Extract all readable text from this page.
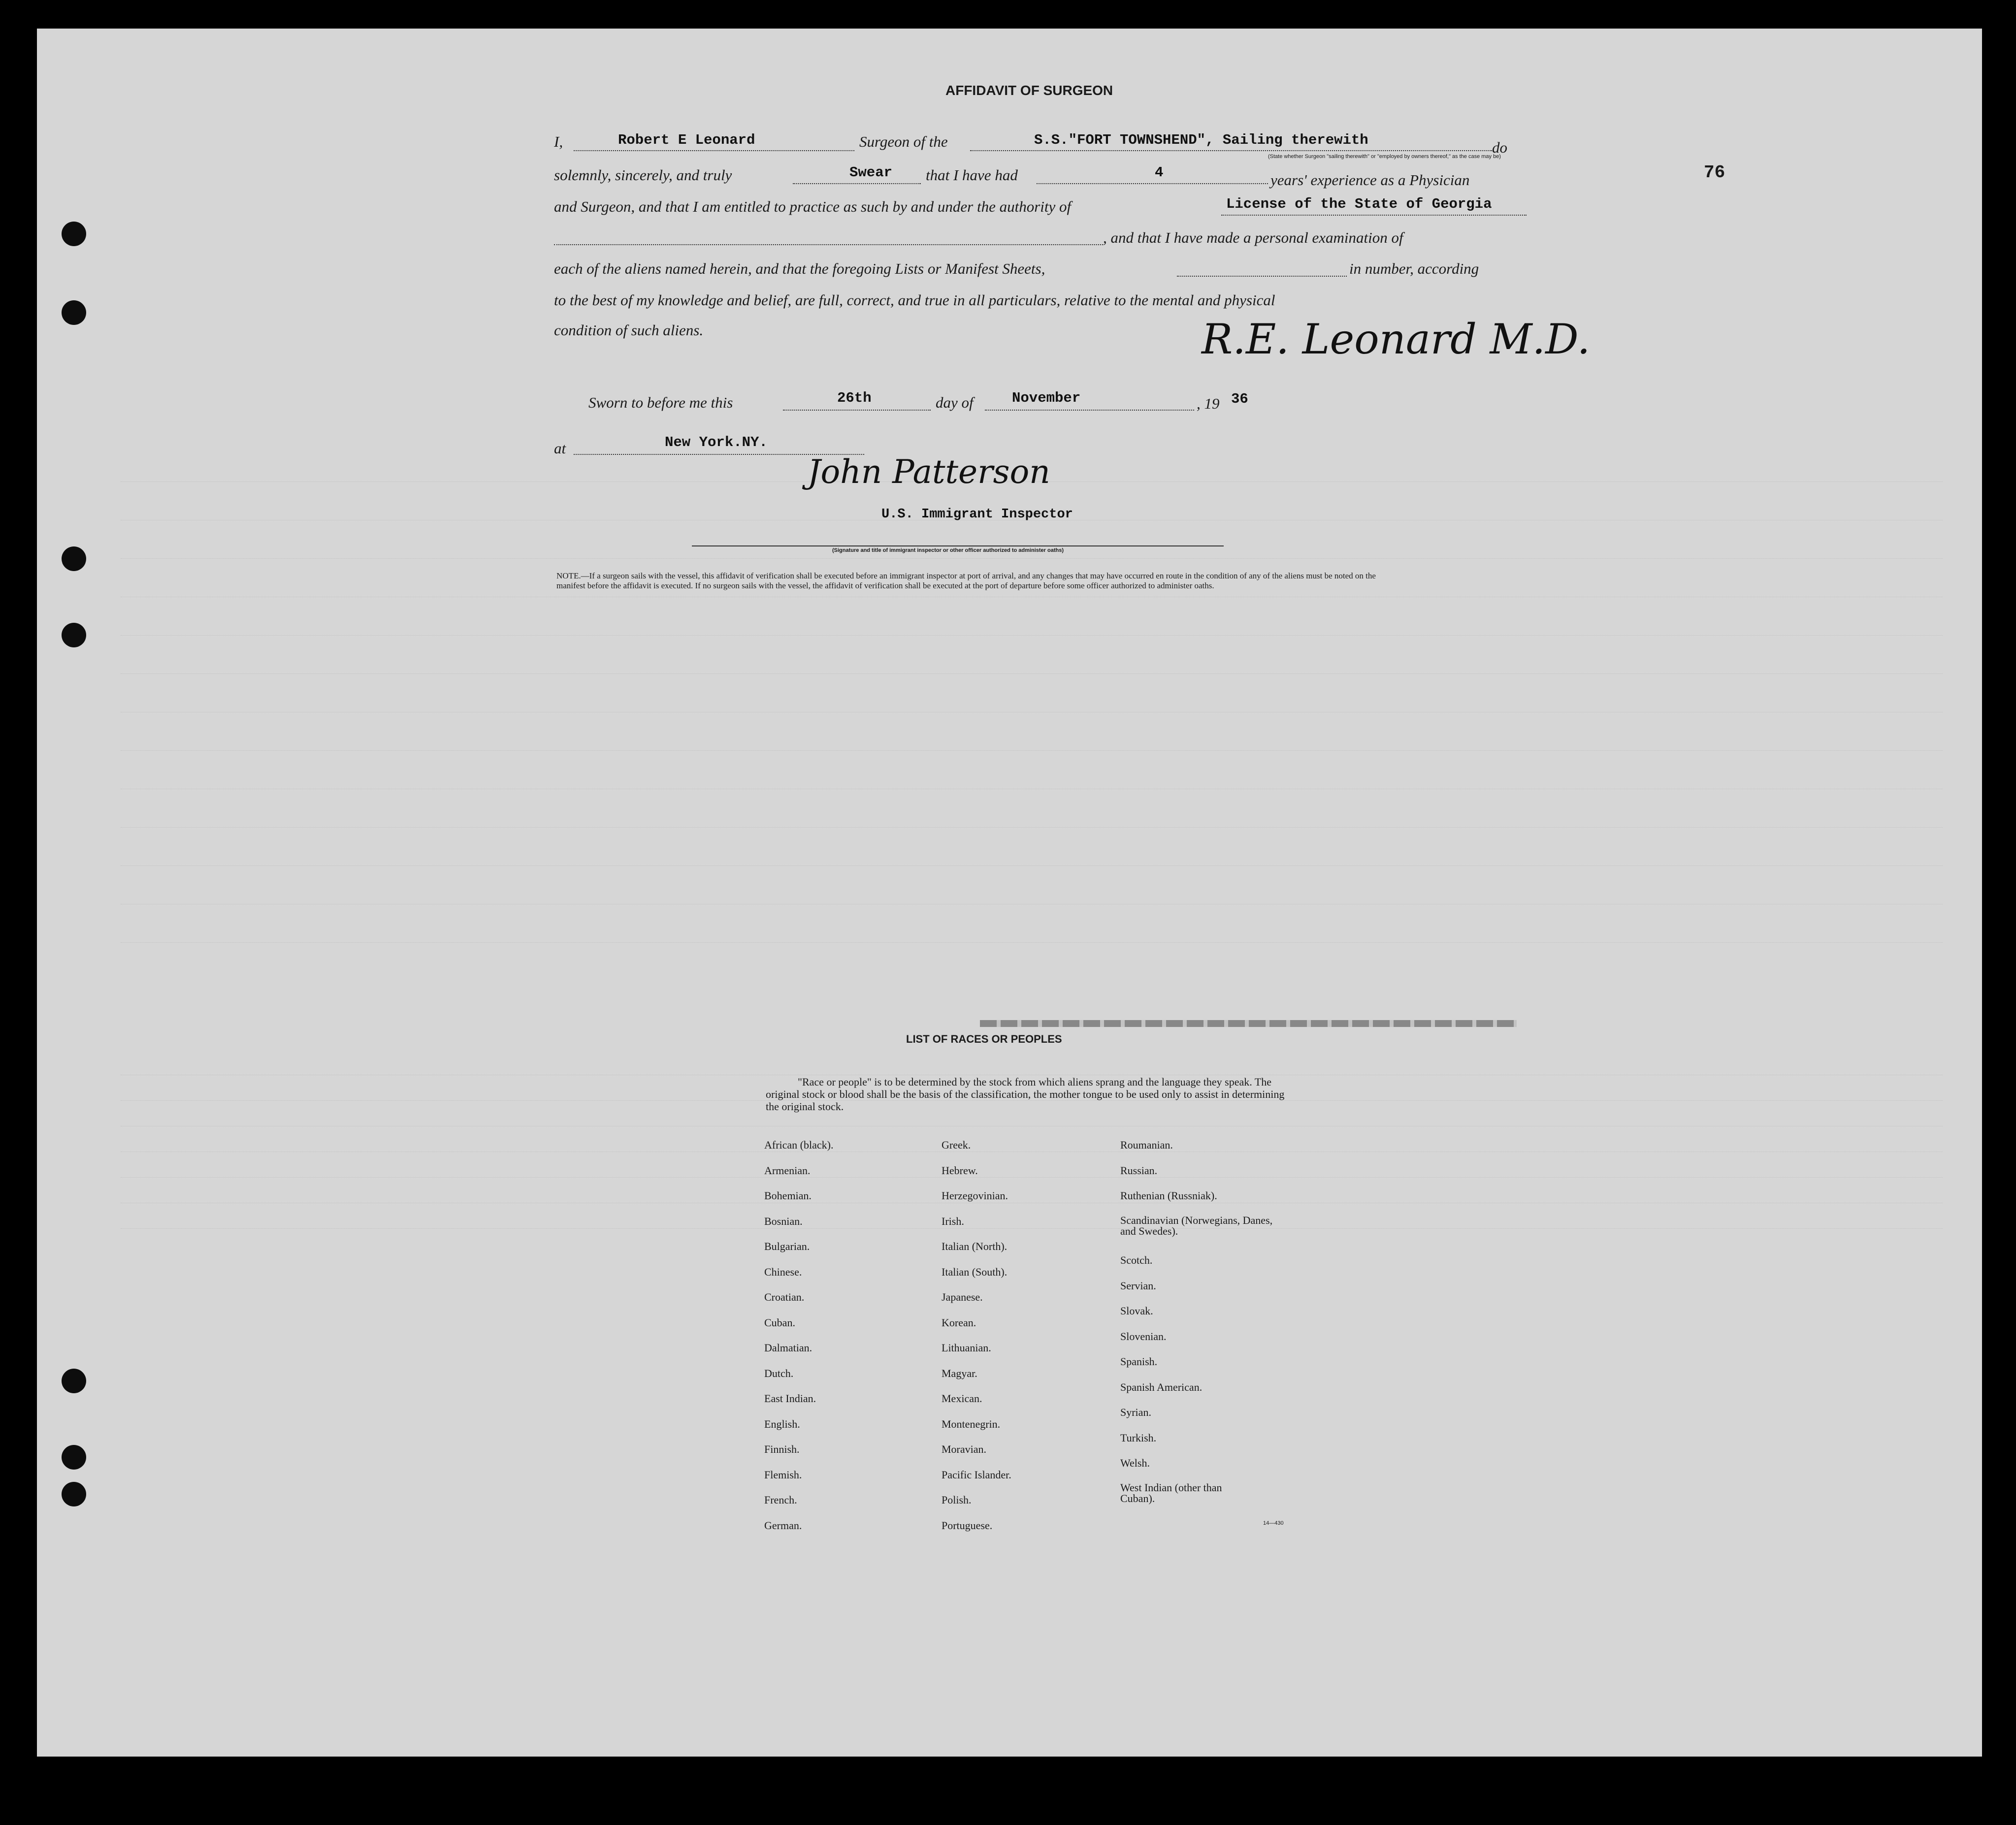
76
AFFIDAVIT OF SURGEON
I,	Robert E Leonard	Surgeon of the	S.S."FORT TOWNSHEND", Sailing therewith	do
(State whether Surgeon "sailing therewith" or "employed by owners thereof," as the case may be)
solemnly, sincerely, and truly	Swear that I have had	4	years' experience as a Physician
and Surgeon, and that I am entitled to practice as such by and under the authority of	License of the State of Georgia
, and that I have made a personal examination of
each of the aliens named herein, and that the foregoing Lists or Manifest Sheets,	in number, according
to the best of my knowledge and belief, are full, correct, and true in all particulars, relative to the mental and physical
condition of such aliens.	R.E. Leonard M.D.
Sworn to before me this	26th	day of	November	, 19 36
at	New York.NY.
John Patterson
U.S. Immigrant Inspector
(Signature and title of immigrant inspector or other officer authorized to administer oaths)
NOTE.—If a surgeon sails with the vessel, this affidavit of verification shall be executed before an immigrant inspector at port of arrival, and any changes that may have occurred en route in the condition of any of the aliens must be noted on the manifest before the affidavit is executed. If no surgeon sails with the vessel, the affidavit of verification shall be executed at the port of departure before some officer authorized to administer oaths.
LIST OF RACES OR PEOPLES
"Race or people" is to be determined by the stock from which aliens sprang and the language they speak. The original stock or blood shall be the basis of the classification, the mother tongue to be used only to assist in determining the original stock.
African (black).
Armenian.
Bohemian.
Bosnian.
Bulgarian.
Chinese.
Croatian.
Cuban.
Dalmatian.
Dutch.
East Indian.
English.
Finnish.
Flemish.
French.
German.
Greek.
Hebrew.
Herzegovinian.
Irish.
Italian (North).
Italian (South).
Japanese.
Korean.
Lithuanian.
Magyar.
Mexican.
Montenegrin.
Moravian.
Pacific Islander.
Polish.
Portuguese.
Roumanian.
Russian.
Ruthenian (Russniak).
Scandinavian (Norwegians, Danes, and Swedes).
Scotch.
Servian.
Slovak.
Slovenian.
Spanish.
Spanish American.
Syrian.
Turkish.
Welsh.
West Indian (other than Cuban).
14—430
